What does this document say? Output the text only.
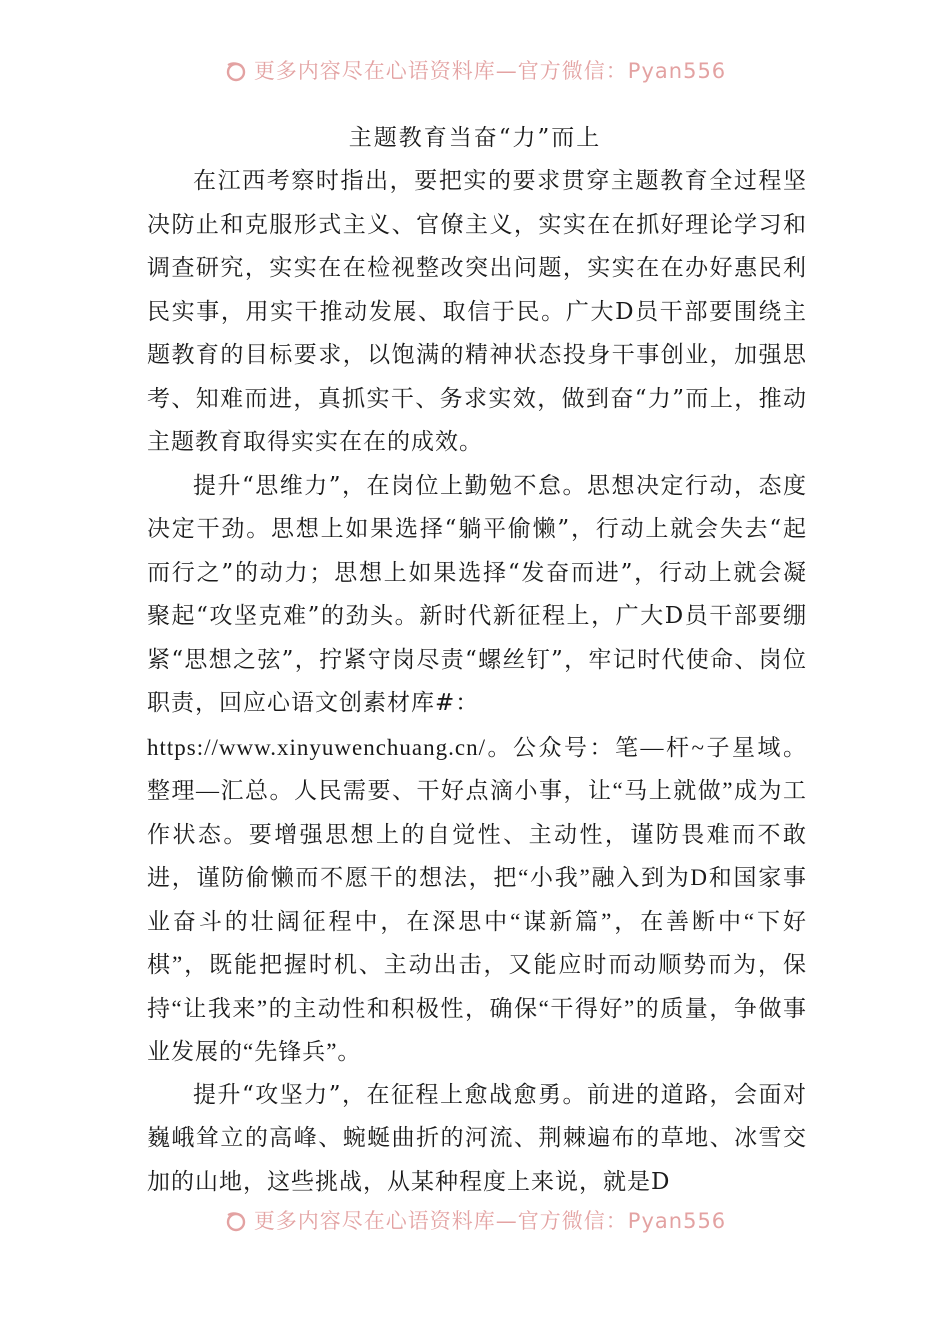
更多内容尽在心语资料库—官方微信：Pyan556
主题教育当奋“力”而上

在江西考察时指出，要把实的要求贯穿主题教育全过程坚决防止和克服形式主义、官僚主义，实实在在抓好理论学习和调查研究，实实在在检视整改突出问题，实实在在办好惠民利民实事，用实干推动发展、取信于民。广大D员干部要围绕主题教育的目标要求，以饱满的精神状态投身干事创业，加强思考、知难而进，真抓实干、务求实效，做到奋“力”而上，推动主题教育取得实实在在的成效。

提升“思维力”，在岗位上勤勉不怠。思想决定行动，态度决定干劲。思想上如果选择“躺平偷懒”，行动上就会失去“起而行之”的动力；思想上如果选择“发奋而进”，行动上就会凝聚起“攻坚克难”的劲头。新时代新征程上，广大D员干部要绷紧“思想之弦”，拧紧守岗尽责“螺丝钉”，牢记时代使命、岗位职责，回应心语文创素材库#：

https://www.xinyuwenchuang.cn/。公众号：笔—杆~子星域。整理—汇总。人民需要、干好点滴小事，让“马上就做”成为工作状态。要增强思想上的自觉性、主动性，谨防畏难而不敢进，谨防偷懒而不愿干的想法，把“小我”融入到为D和国家事业奋斗的壮阔征程中，在深思中“谋新篇”，在善断中“下好棋”，既能把握时机、主动出击，又能应时而动顺势而为，保持“让我来”的主动性和积极性，确保“干得好”的质量，争做事业发展的“先锋兵”。

提升“攻坚力”，在征程上愈战愈勇。前进的道路，会面对巍峨耸立的高峰、蜿蜒曲折的河流、荆棘遍布的草地、冰雪交加的山地，这些挑战，从某种程度上来说，就是D

更多内容尽在心语资料库—官方微信：Pyan556
